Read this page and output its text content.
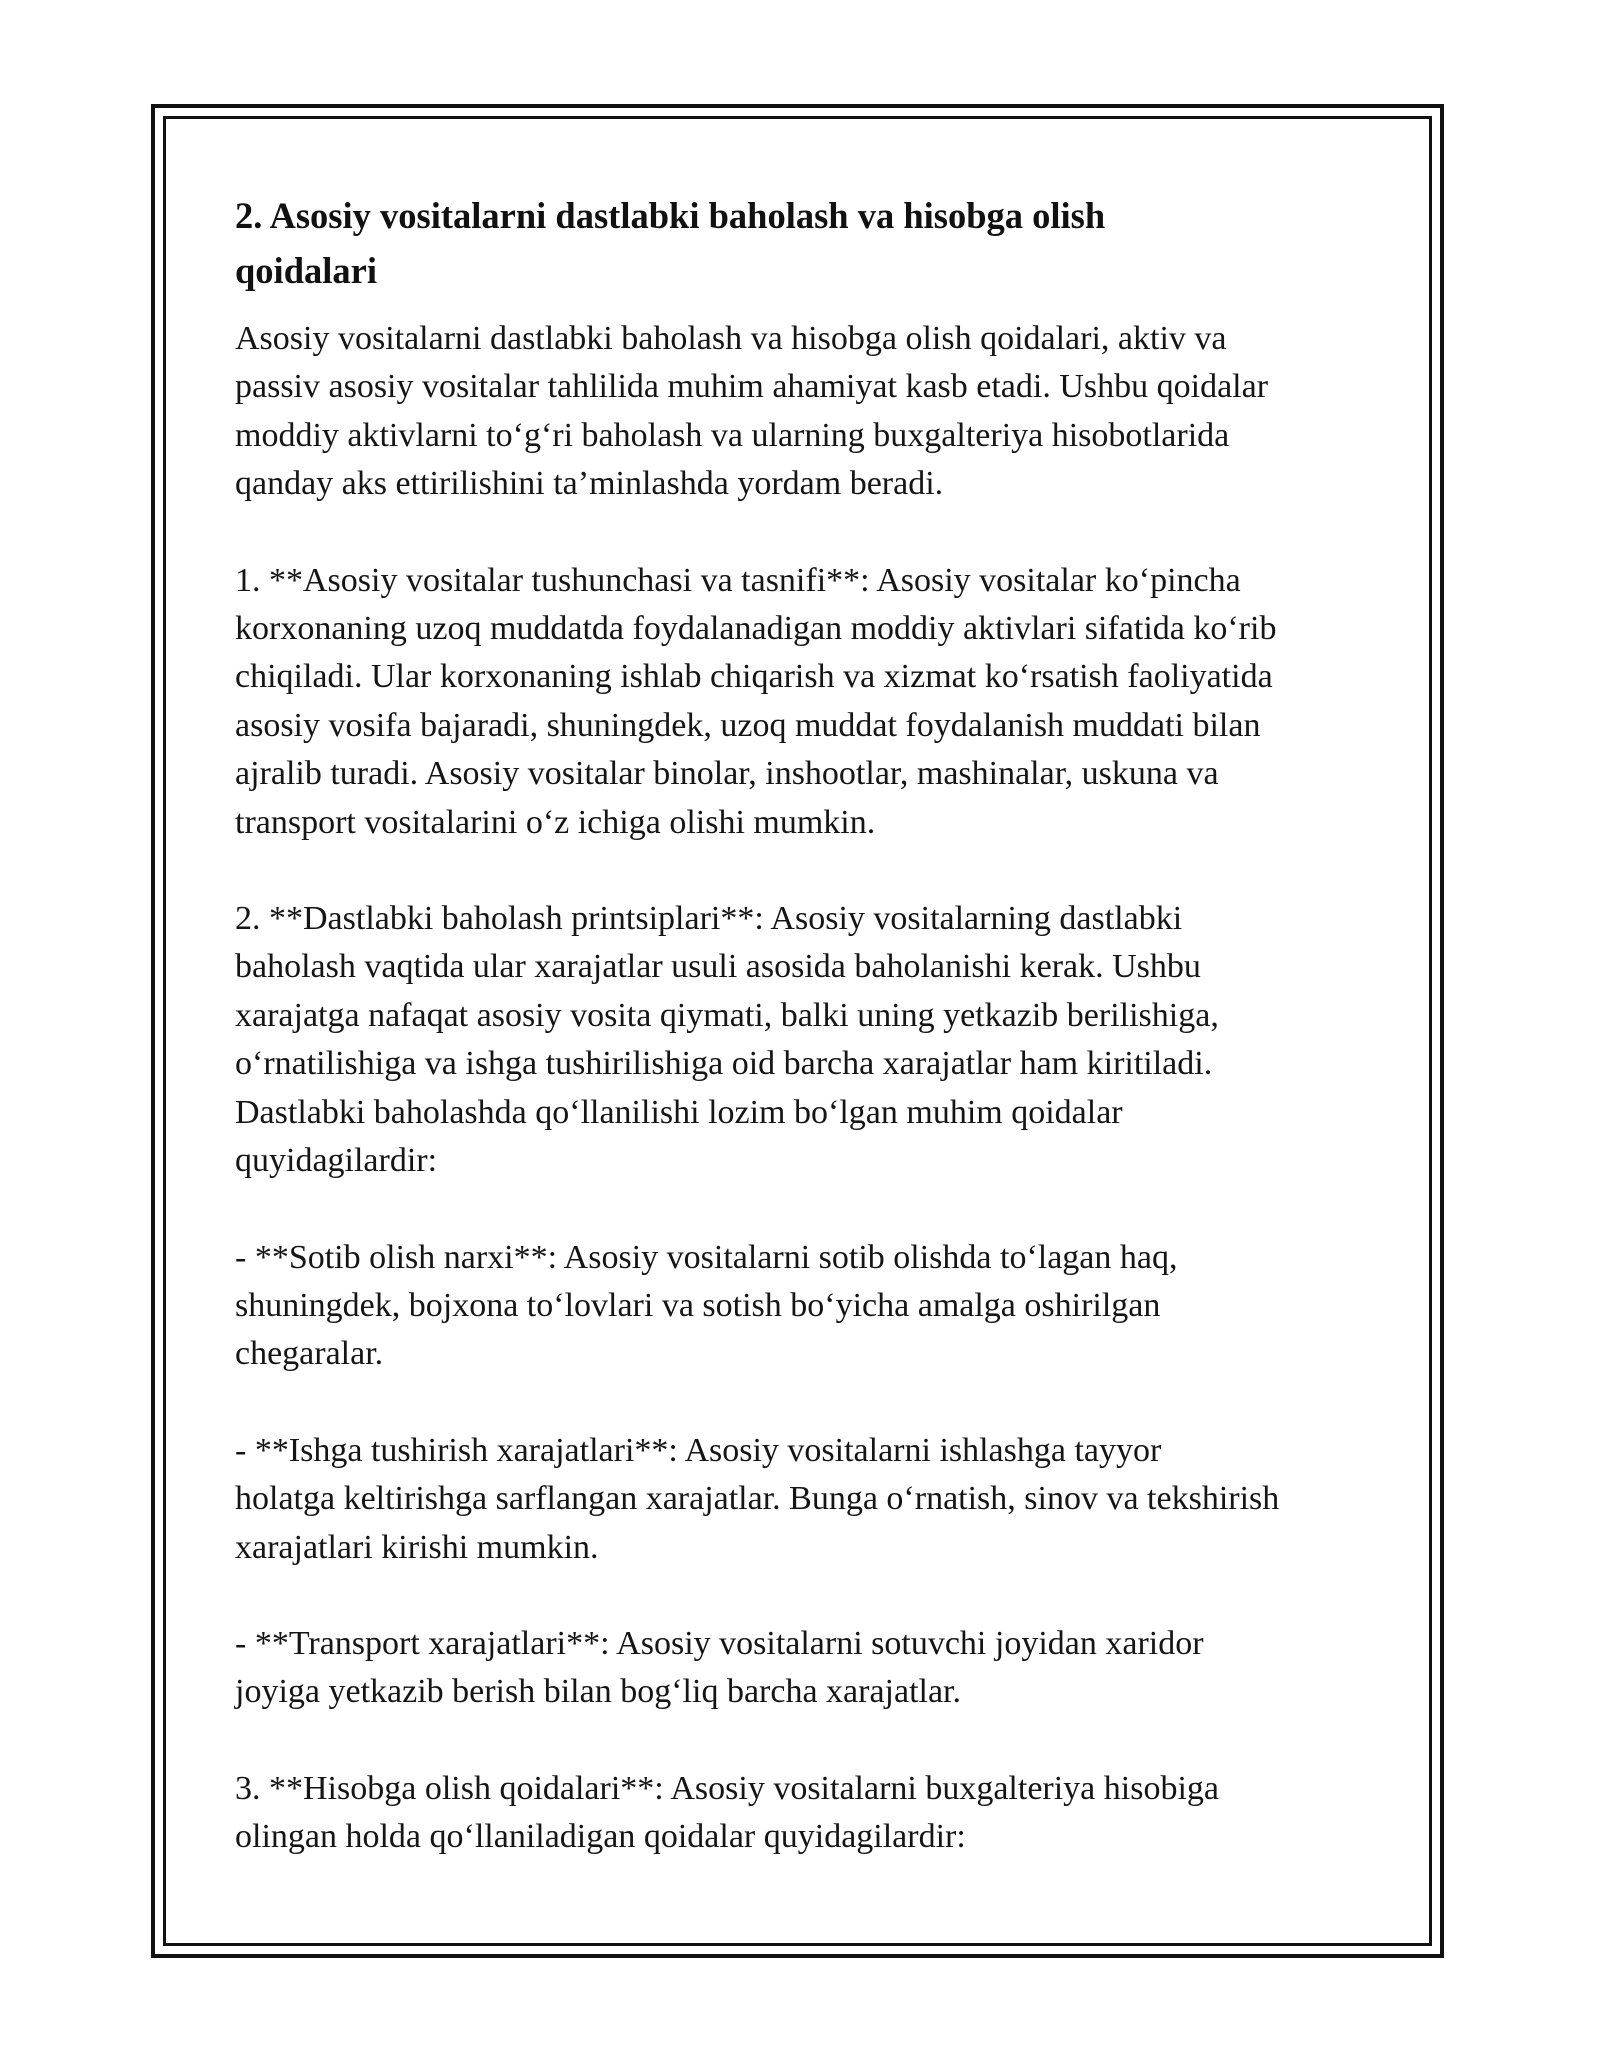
2. Asosiy vositalarni dastlabki baholash va hisobga olish
qoidalari

Asosiy vositalarni dastlabki baholash va hisobga olish qoidalari, aktiv va
passiv asosiy vositalar tahlilida muhim ahamiyat kasb etadi. Ushbu qoidalar
moddiy aktivlarni to‘g‘ri baholash va ularning buxgalteriya hisobotlarida
qanday aks ettirilishini ta’minlashda yordam beradi.

1. **Asosiy vositalar tushunchasi va tasnifi**: Asosiy vositalar ko‘pincha
korxonaning uzoq muddatda foydalanadigan moddiy aktivlari sifatida ko‘rib
chiqiladi. Ular korxonaning ishlab chiqarish va xizmat ko‘rsatish faoliyatida
asosiy vosifa bajaradi, shuningdek, uzoq muddat foydalanish muddati bilan
ajralib turadi. Asosiy vositalar binolar, inshootlar, mashinalar, uskuna va
transport vositalarini o‘z ichiga olishi mumkin.

2. **Dastlabki baholash printsiplari**: Asosiy vositalarning dastlabki
baholash vaqtida ular xarajatlar usuli asosida baholanishi kerak. Ushbu
xarajatga nafaqat asosiy vosita qiymati, balki uning yetkazib berilishiga,
o‘rnatilishiga va ishga tushirilishiga oid barcha xarajatlar ham kiritiladi.
Dastlabki baholashda qo‘llanilishi lozim bo‘lgan muhim qoidalar
quyidagilardir:

- **Sotib olish narxi**: Asosiy vositalarni sotib olishda to‘lagan haq,
shuningdek, bojxona to‘lovlari va sotish bo‘yicha amalga oshirilgan
chegaralar.

- **Ishga tushirish xarajatlari**: Asosiy vositalarni ishlashga tayyor
holatga keltirishga sarflangan xarajatlar. Bunga o‘rnatish, sinov va tekshirish
xarajatlari kirishi mumkin.

- **Transport xarajatlari**: Asosiy vositalarni sotuvchi joyidan xaridor
joyiga yetkazib berish bilan bog‘liq barcha xarajatlar.

3. **Hisobga olish qoidalari**: Asosiy vositalarni buxgalteriya hisobiga
olingan holda qo‘llaniladigan qoidalar quyidagilardir:
